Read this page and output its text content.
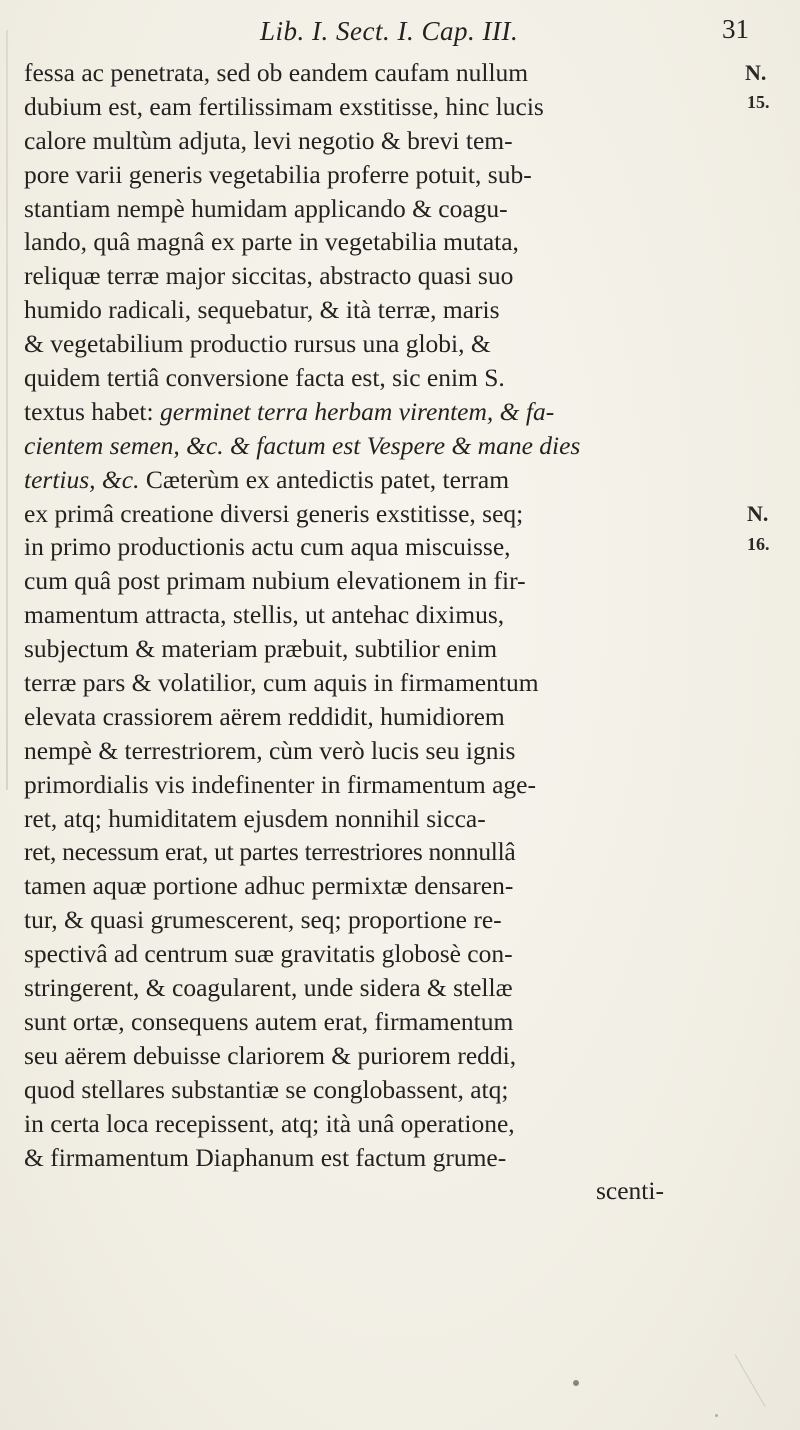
Lib. I. Sect. I. Cap. III.	31
N.
15.
N.
16.
fessa ac penetrata, sed ob eandem caufam nullum
dubium est, eam fertilissimam exstitisse, hinc lucis
calore multùm adjuta, levi negotio & brevi tem-
pore varii generis vegetabilia proferre potuit, sub-
stantiam nempè humidam applicando & coagu-
lando, quâ magnâ ex parte in vegetabilia mutata,
reliquæ terræ major siccitas, abstracto quasi suo
humido radicali, sequebatur, & ità terræ, maris
& vegetabilium productio rursus una globi, &
quidem tertiâ conversione facta est, sic enim S.
textus habet: germinet terra herbam virentem, & fa-
cientem semen, &c. & factum est Vespere & mane dies
tertius, &c. Cæterùm ex antedictis patet, terram
ex primâ creatione diversi generis exstitisse, seq;
in primo productionis actu cum aqua miscuisse,
cum quâ post primam nubium elevationem in fir-
mamentum attracta, stellis, ut antehac diximus,
subjectum & materiam præbuit, subtilior enim
terræ pars & volatilior, cum aquis in firmamentum
elevata crassiorem aërem reddidit, humidiorem
nempè & terrestriorem, cùm verò lucis seu ignis
primordialis vis indefinenter in firmamentum age-
ret, atq; humiditatem ejusdem nonnihil sicca-
ret, necessum erat, ut partes terrestriores nonnullâ
tamen aquæ portione adhuc permixtæ densaren-
tur, & quasi grumescerent, seq; proportione re-
spectivâ ad centrum suæ gravitatis globosè con-
stringerent, & coagularent, unde sidera & stellæ
sunt ortæ, consequens autem erat, firmamentum
seu aërem debuisse clariorem & puriorem reddi,
quod stellares substantiæ se conglobassent, atq;
in certa loca recepissent, atq; ità unâ operatione,
& firmamentum Diaphanum est factum grume-
scenti-
